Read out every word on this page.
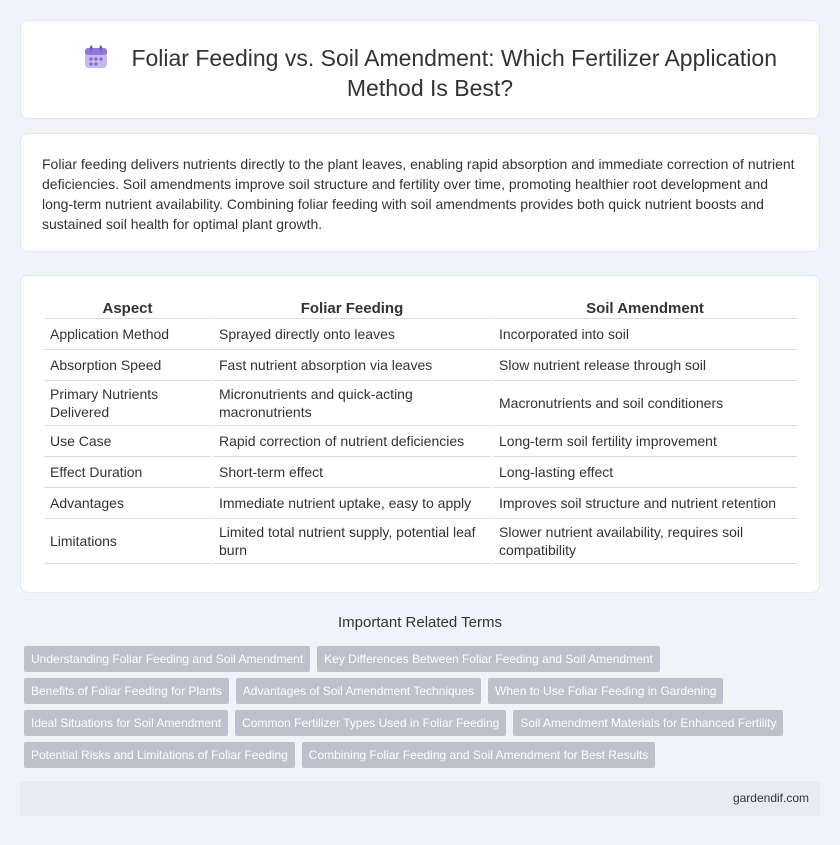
Foliar Feeding vs. Soil Amendment: Which Fertilizer Application Method Is Best?

Foliar feeding delivers nutrients directly to the plant leaves, enabling rapid absorption and immediate correction of nutrient deficiencies. Soil amendments improve soil structure and fertility over time, promoting healthier root development and long-term nutrient availability. Combining foliar feeding with soil amendments provides both quick nutrient boosts and sustained soil health for optimal plant growth.

Aspect	Foliar Feeding	Soil Amendment
Application Method	Sprayed directly onto leaves	Incorporated into soil
Absorption Speed	Fast nutrient absorption via leaves	Slow nutrient release through soil
Primary Nutrients Delivered	Micronutrients and quick-acting macronutrients	Macronutrients and soil conditioners
Use Case	Rapid correction of nutrient deficiencies	Long-term soil fertility improvement
Effect Duration	Short-term effect	Long-lasting effect
Advantages	Immediate nutrient uptake, easy to apply	Improves soil structure and nutrient retention
Limitations	Limited total nutrient supply, potential leaf burn	Slower nutrient availability, requires soil compatibility
Important Related Terms
Understanding Foliar Feeding and Soil Amendment Key Differences Between Foliar Feeding and Soil Amendment
Benefits of Foliar Feeding for Plants Advantages of Soil Amendment Techniques When to Use Foliar Feeding in Gardening
Ideal Situations for Soil Amendment Common Fertilizer Types Used in Foliar Feeding Soil Amendment Materials for Enhanced Fertility
Potential Risks and Limitations of Foliar Feeding Combining Foliar Feeding and Soil Amendment for Best Results
gardendif.com
